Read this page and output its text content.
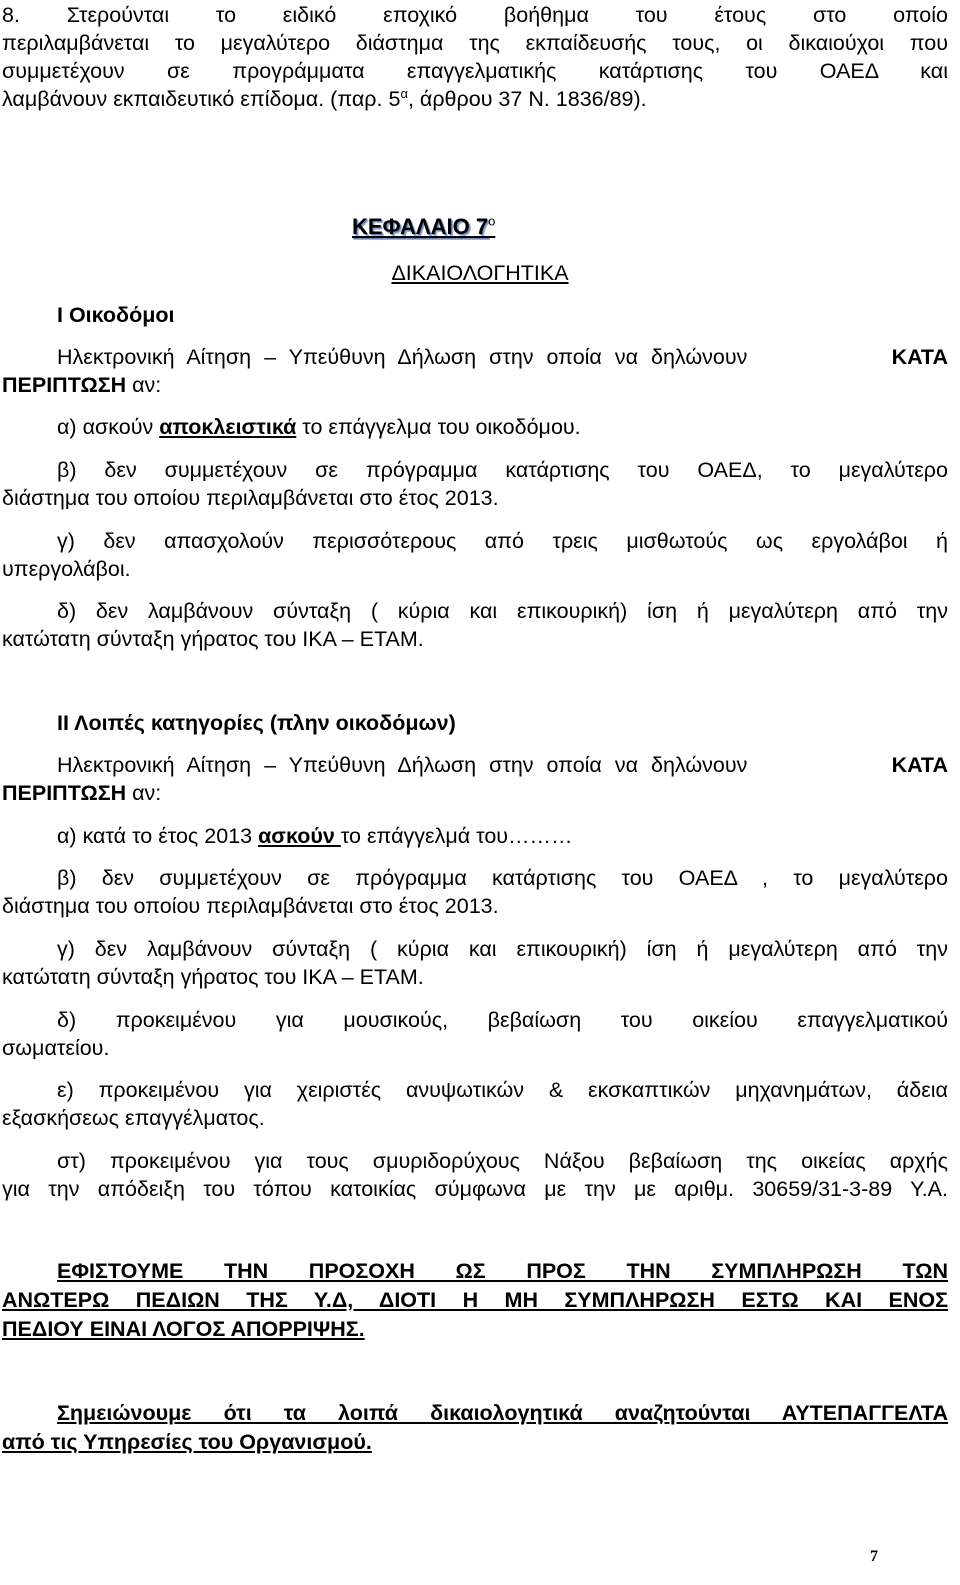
8. Στερούνται το ειδικό εποχικό βοήθημα του έτους στο οποίο

περιλαμβάνεται το μεγαλύτερο διάστημα της εκπαίδευσής τους, οι δικαιούχοι που

συμμετέχουν σε προγράμματα επαγγελματικής κατάρτισης του ΟΑΕΔ και

λαμβάνουν εκπαιδευτικό επίδομα. (παρ. $5^\alpha$, άρθρου 37 Ν. 1836/89).

ΚΕΦΑΛΑΙΟ $7^o$

ΔΙΚΑΙΟΛΟΓΗΤΙΚΑ

Ι Οικοδόμοι

Ηλεκτρονική Αίτηση – Υπεύθυνη Δήλωση στην οποία να δηλώνουν	ΚΑΤΑ

ΠΕΡΙΠΤΩΣΗ αν:

α) ασκούν αποκλειστικά το επάγγελμα του οικοδόμου.

β) δεν συμμετέχουν σε πρόγραμμα κατάρτισης του ΟΑΕΔ, το μεγαλύτερο

διάστημα του οποίου περιλαμβάνεται στο έτος 2013.

γ) δεν απασχολούν περισσότερους από τρεις μισθωτούς ως εργολάβοι ή

υπεργολάβοι.

δ) δεν λαμβάνουν σύνταξη ( κύρια και επικουρική) ίση ή μεγαλύτερη από την

κατώτατη σύνταξη γήρατος του ΙΚΑ – ΕΤΑΜ.

ΙΙ Λοιπές κατηγορίες (πλην οικοδόμων)

Ηλεκτρονική Αίτηση – Υπεύθυνη Δήλωση στην οποία να δηλώνουν	ΚΑΤΑ

ΠΕΡΙΠΤΩΣΗ αν:

α) κατά το έτος 2013 ασκούν το επάγγελμά του………

β) δεν συμμετέχουν σε πρόγραμμα κατάρτισης του ΟΑΕΔ , το μεγαλύτερο

διάστημα του οποίου περιλαμβάνεται στο έτος 2013.

γ) δεν λαμβάνουν σύνταξη ( κύρια και επικουρική) ίση ή μεγαλύτερη από την

κατώτατη σύνταξη γήρατος του ΙΚΑ – ΕΤΑΜ.

δ) προκειμένου για μουσικούς, βεβαίωση του οικείου επαγγελματικού

σωματείου.

ε) προκειμένου για χειριστές ανυψωτικών & εκσκαπτικών μηχανημάτων, άδεια

εξασκήσεως επαγγέλματος.

στ) προκειμένου για τους σμυριδορύχους Νάξου βεβαίωση της οικείας αρχής

για την απόδειξη του τόπου κατοικίας σύμφωνα με την με αριθμ. 30659/31-3-89 Υ.Α.

ΕΦΙΣΤΟΥΜΕ ΤΗΝ ΠΡΟΣΟΧΗ ΩΣ ΠΡΟΣ ΤΗΝ ΣΥΜΠΛΗΡΩΣΗ ΤΩΝ

ΑΝΩΤΕΡΩ ΠΕΔΙΩΝ ΤΗΣ Υ.Δ, ΔΙΟΤΙ Η ΜΗ ΣΥΜΠΛΗΡΩΣΗ ΕΣΤΩ ΚΑΙ ΕΝΟΣ

ΠΕΔΙΟΥ ΕΙΝΑΙ ΛΟΓΟΣ ΑΠΟΡΡΙΨΗΣ.

Σημειώνουμε ότι τα λοιπά δικαιολογητικά αναζητούνται ΑΥΤΕΠΑΓΓΕΛΤΑ

από τις Υπηρεσίες του Οργανισμού.

7
